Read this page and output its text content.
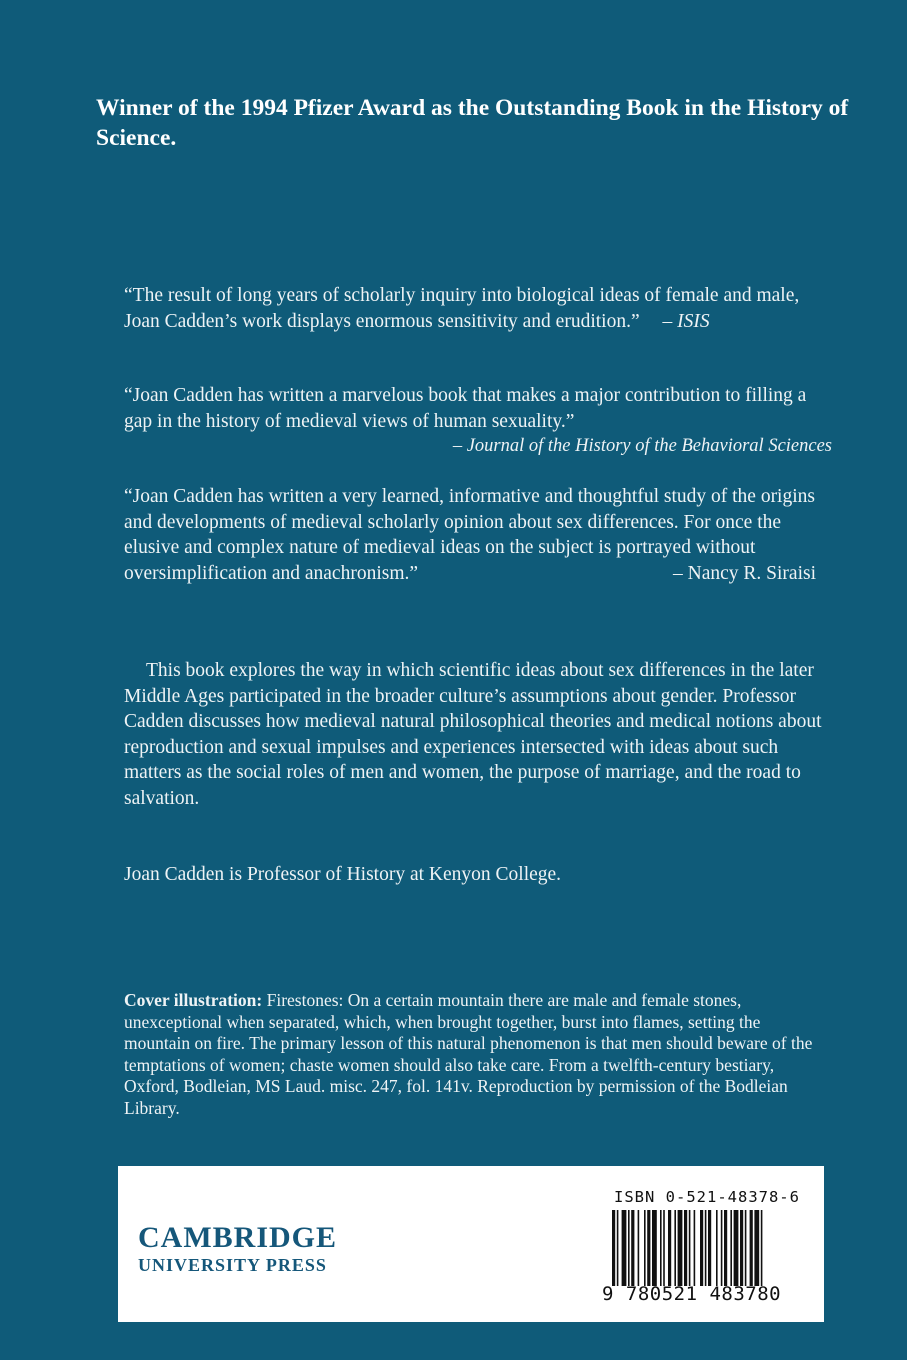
Winner of the 1994 Pfizer Award as the Outstanding Book in the History of Science.

“The result of long years of scholarly inquiry into biological ideas of female and male, Joan Cadden’s work displays enormous sensitivity and erudition.” – ISIS

“Joan Cadden has written a marvelous book that makes a major contribution to filling a gap in the history of medieval views of human sexuality.”
– Journal of the History of the Behavioral Sciences

“Joan Cadden has written a very learned, informative and thoughtful study of the origins and developments of medieval scholarly opinion about sex differences. For once the elusive and complex nature of medieval ideas on the subject is portrayed without oversimplification and anachronism.”	– Nancy R. Siraisi

This book explores the way in which scientific ideas about sex differences in the later Middle Ages participated in the broader culture’s assumptions about gender. Professor Cadden discusses how medieval natural philosophical theories and medical notions about reproduction and sexual impulses and experiences intersected with ideas about such matters as the social roles of men and women, the purpose of marriage, and the road to salvation.

Joan Cadden is Professor of History at Kenyon College.

Cover illustration: Firestones: On a certain mountain there are male and female stones, unexceptional when separated, which, when brought together, burst into flames, setting the mountain on fire. The primary lesson of this natural phenomenon is that men should beware of the temptations of women; chaste women should also take care. From a twelfth-century bestiary, Oxford, Bodleian, MS Laud. misc. 247, fol. 141v. Reproduction by permission of the Bodleian Library.

CAMBRIDGE
UNIVERSITY PRESS
ISBN 0-521-48378-6
9 780521 483780
